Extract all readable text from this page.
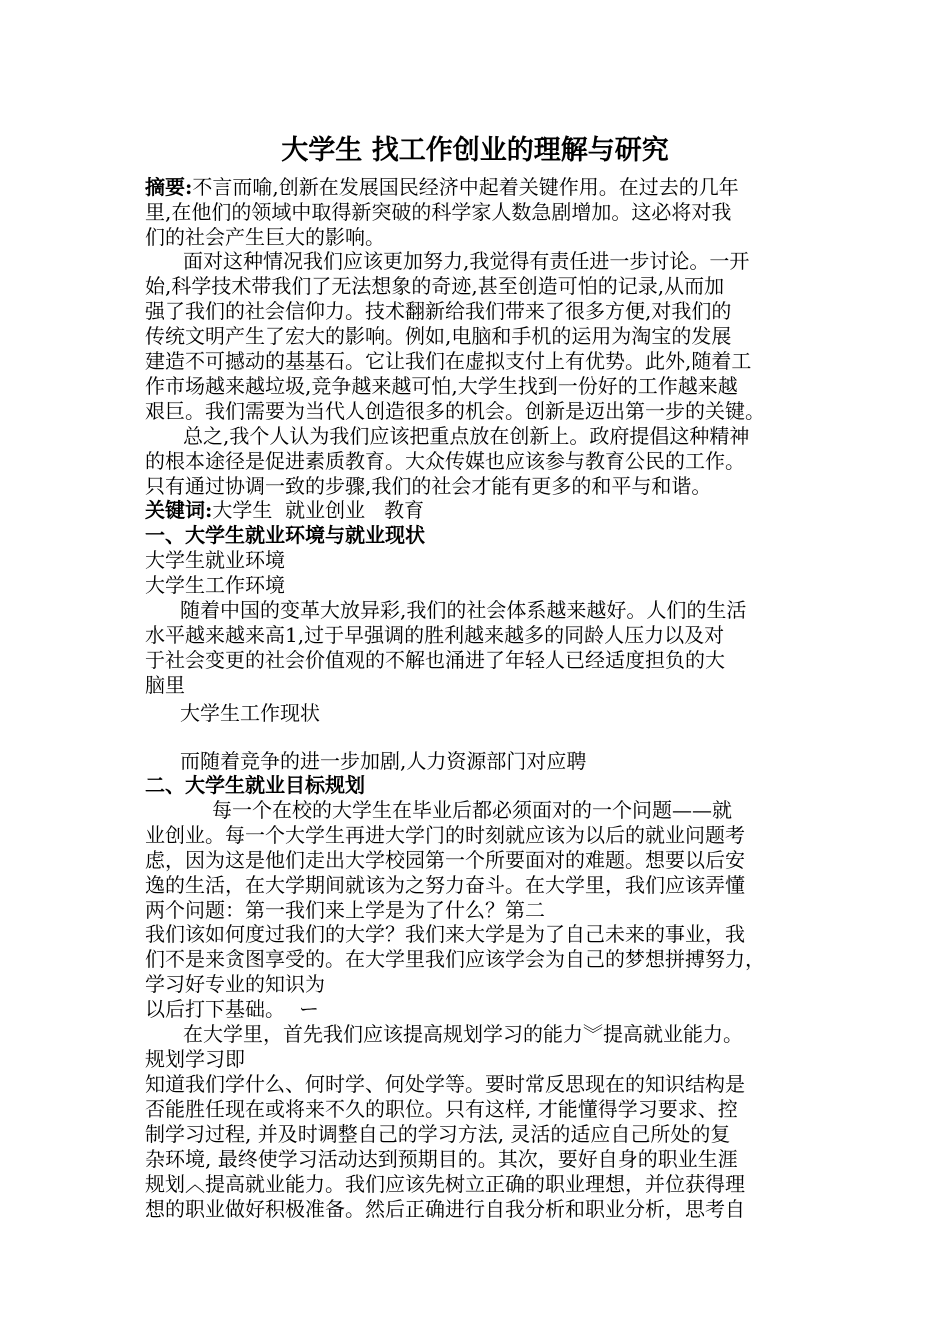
大学生 找工作创业的理解与研究
摘要:不言而喻,创新在发展国民经济中起着关键作用。在过去的几年
里,在他们的领域中取得新突破的科学家人数急剧增加。这必将对我
们的社会产生巨大的影响。
面对这种情况我们应该更加努力,我觉得有责任进一步讨论。一开
始,科学技术带我们了无法想象的奇迹,甚至创造可怕的记录,从而加
强了我们的社会信仰力。技术翻新给我们带来了很多方便,对我们的
传统文明产生了宏大的影响。例如,电脑和手机的运用为淘宝的发展
建造不可撼动的基基石。它让我们在虚拟支付上有优势。此外,随着工
作市场越来越垃圾,竞争越来越可怕,大学生找到一份好的工作越来越
艰巨。我们需要为当代人创造很多的机会。创新是迈出第一步的关键。
总之,我个人认为我们应该把重点放在创新上。政府提倡这种精神
的根本途径是促进素质教育。大众传媒也应该参与教育公民的工作。
只有通过协调一致的步骤,我们的社会才能有更多的和平与和谐。
关键词:大学生  就业创业   教育
一、大学生就业环境与就业现状
大学生就业环境
大学生工作环境
随着中国的变革大放异彩,我们的社会体系越来越好。人们的生活
水平越来越来高1,过于早强调的胜利越来越多的同龄人压力以及对
于社会变更的社会价值观的不解也涌进了年轻人已经适度担负的大
脑里
大学生工作现状
而随着竞争的进一步加剧,人力资源部门对应聘
二、大学生就业目标规划
每一个在校的大学生在毕业后都必须面对的一个问题——就
业创业。每一个大学生再进大学门的时刻就应该为以后的就业问题考
虑，因为这是他们走出大学校园第一个所要面对的难题。想要以后安
逸的生活，在大学期间就该为之努力奋斗。在大学里，我们应该弄懂
两个问题：第一我们来上学是为了什么？第二
我们该如何度过我们的大学？我们来大学是为了自己未来的事业，我
们不是来贪图享受的。在大学里我们应该学会为自己的梦想拼搏努力，
学习好专业的知识为
以后打下基础。 ー
在大学里，首先我们应该提高规划学习的能力︾提高就业能力。
规划学习即
知道我们学什么、何时学、何处学等。要时常反思现在的知识结构是
否能胜任现在或将来不久的职位。只有这样, 才能懂得学习要求、控
制学习过程, 并及时调整自己的学习方法, 灵活的适应自己所处的复
杂环境, 最终使学习活动达到预期目的。其次，要好自身的职业生涯
规划︿提高就业能力。我们应该先树立正确的职业理想，并位获得理
想的职业做好积极准备。然后正确进行自我分析和职业分析，思考自
